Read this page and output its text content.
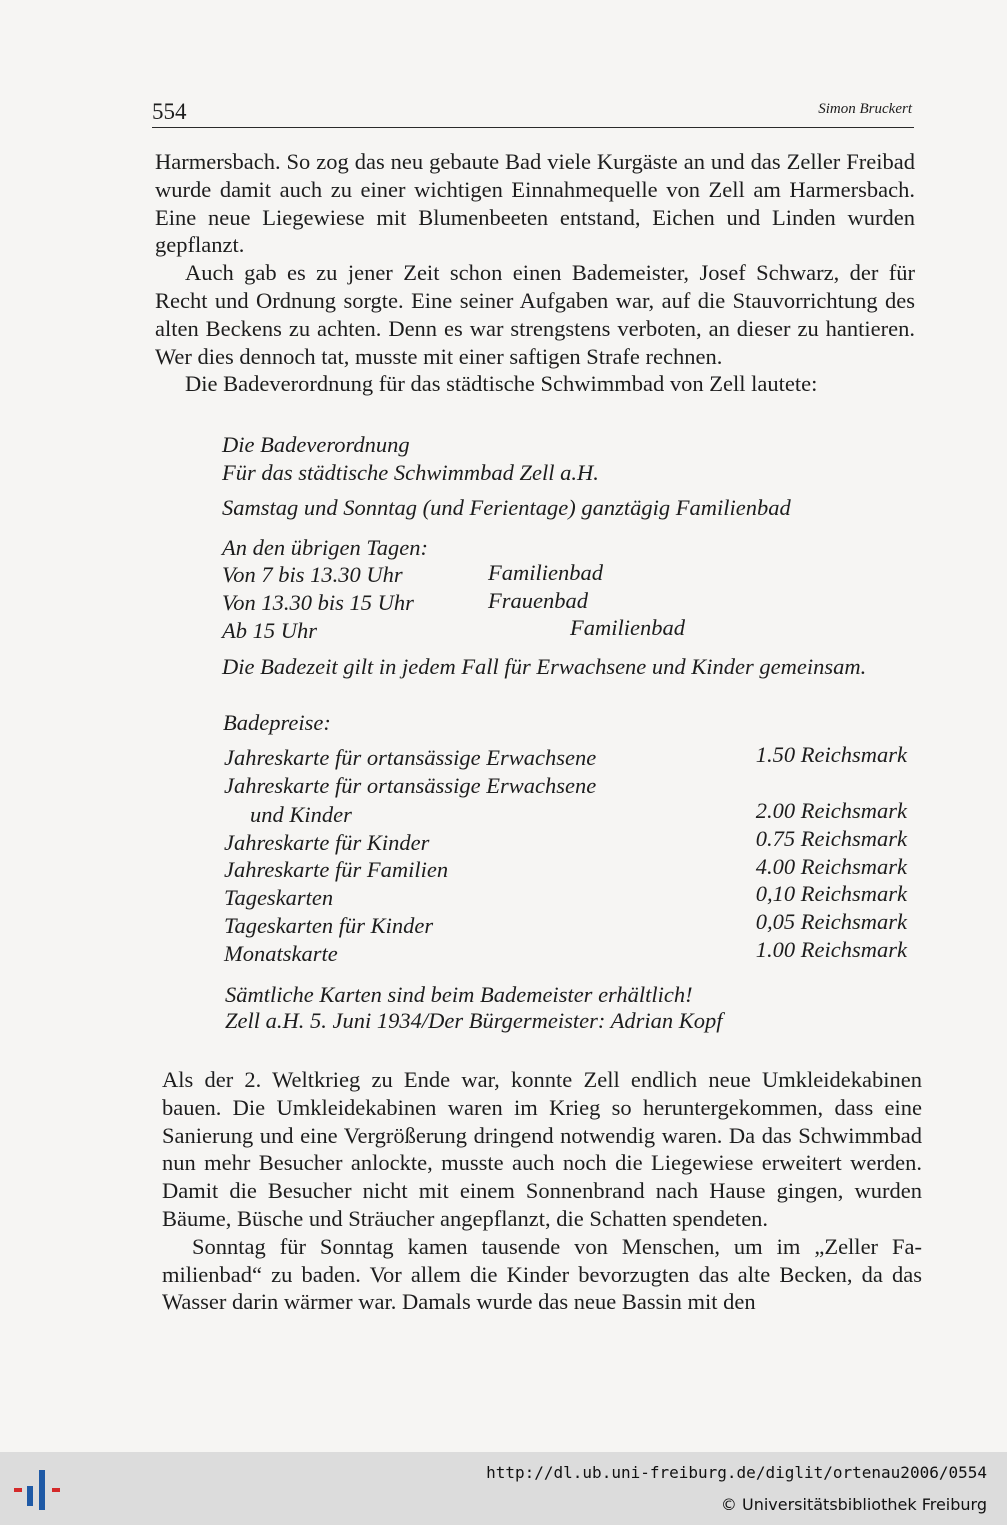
554	Simon Bruckert

Harmersbach. So zog das neu gebaute Bad viele Kurgäste an und das Zeller Freibad wurde damit auch zu einer wichtigen Einnahmequelle von Zell am Harmersbach. Eine neue Liegewiese mit Blumenbeeten entstand, Eichen und Linden wurden gepflanzt.

Auch gab es zu jener Zeit schon einen Bademeister, Josef Schwarz, der für Recht und Ordnung sorgte. Eine seiner Aufgaben war, auf die Stauvorrichtung des alten Beckens zu achten. Denn es war strengstens verboten, an dieser zu hantieren. Wer dies dennoch tat, musste mit einer saftigen Strafe rechnen.

Die Badeverordnung für das städtische Schwimmbad von Zell lautete:

Die Badeverordnung
Für das städtische Schwimmbad Zell a.H.
Samstag und Sonntag (und Ferientage) ganztägig Familienbad
An den übrigen Tagen:
Von 7 bis 13.30 Uhr	Familienbad
Von 13.30 bis 15 Uhr	Frauenbad
Ab 15 Uhr	Familienbad
Die Badezeit gilt in jedem Fall für Erwachsene und Kinder gemeinsam.
Badepreise:
Jahreskarte für ortansässige Erwachsene	1.50 Reichsmark
Jahreskarte für ortansässige Erwachsene
und Kinder	2.00 Reichsmark
Jahreskarte für Kinder	0.75 Reichsmark
Jahreskarte für Familien	4.00 Reichsmark
Tageskarten	0,10 Reichsmark
Tageskarten für Kinder	0,05 Reichsmark
Monatskarte	1.00 Reichsmark
Sämtliche Karten sind beim Bademeister erhältlich!
Zell a.H. 5. Juni 1934/Der Bürgermeister: Adrian Kopf

Als der 2. Weltkrieg zu Ende war, konnte Zell endlich neue Umkleidekabinen bauen. Die Umkleidekabinen waren im Krieg so heruntergekommen, dass eine Sanierung und eine Vergrößerung dringend notwendig waren. Da das Schwimmbad nun mehr Besucher anlockte, musste auch noch die Liegewiese erweitert werden. Damit die Besucher nicht mit einem Sonnenbrand nach Hause gingen, wurden Bäume, Büsche und Sträucher angepflanzt, die Schatten spendeten.

Sonntag für Sonntag kamen tausende von Menschen, um im „Zeller Familienbad“ zu baden. Vor allem die Kinder bevorzugten das alte Becken, da das Wasser darin wärmer war. Damals wurde das neue Bassin mit den

http://dl.ub.uni-freiburg.de/diglit/ortenau2006/0554
© Universitätsbibliothek Freiburg
